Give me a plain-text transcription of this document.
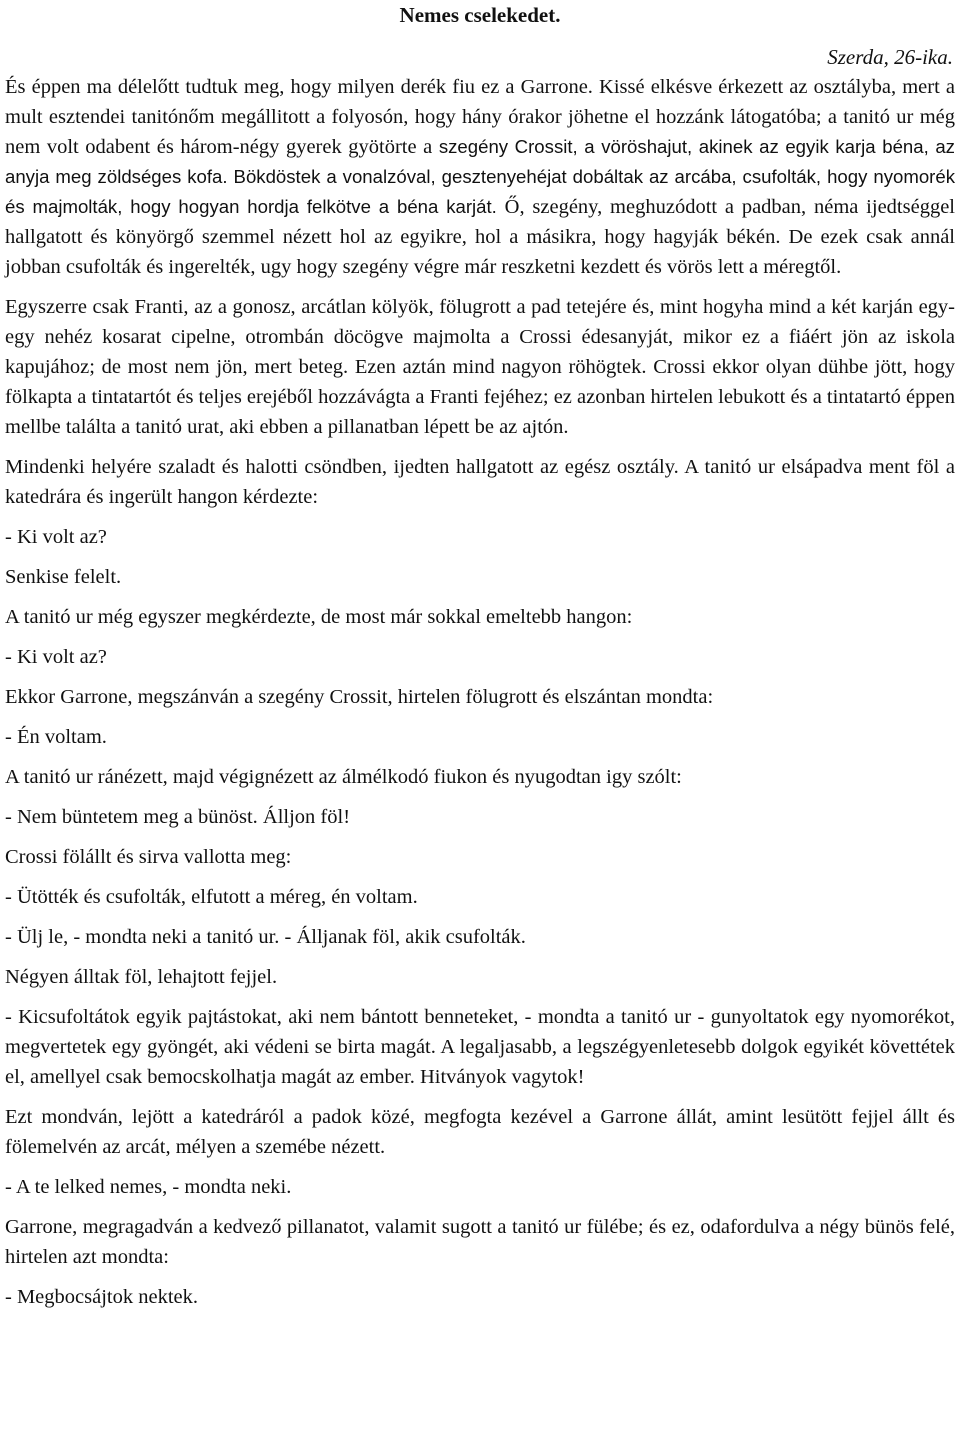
Nemes cselekedet.
Szerda, 26-ika.

És éppen ma délelőtt tudtuk meg, hogy milyen derék fiu ez a Garrone. Kissé elkésve érkezett az osztályba, mert a mult esztendei tanitónőm megállitott a folyosón, hogy hány órakor jöhetne el hozzánk látogatóba; a tanitó ur még nem volt odabent és három-négy gyerek gyötörte a szegény Crossit, a vöröshajut, akinek az egyik karja béna, az anyja meg zöldséges kofa. Bökdöstek a vonalzóval, gesztenyehéjat dobáltak az arcába, csufolták, hogy nyomorék és majmolták, hogy hogyan hordja felkötve a béna karját. Ő, szegény, meghuzódott a padban, néma ijedtséggel hallgatott és könyörgő szemmel nézett hol az egyikre, hol a másikra, hogy hagyják békén. De ezek csak annál jobban csufolták és ingerelték, ugy hogy szegény végre már reszketni kezdett és vörös lett a méregtől.

Egyszerre csak Franti, az a gonosz, arcátlan kölyök, fölugrott a pad tetejére és, mint hogyha mind a két karján egy-egy nehéz kosarat cipelne, otrombán döcögve majmolta a Crossi édesanyját, mikor ez a fiáért jön az iskola kapujához; de most nem jön, mert beteg. Ezen aztán mind nagyon röhögtek. Crossi ekkor olyan dühbe jött, hogy fölkapta a tintatartót és teljes erejéből hozzávágta a Franti fejéhez; ez azonban hirtelen lebukott és a tintatartó éppen mellbe találta a tanitó urat, aki ebben a pillanatban lépett be az ajtón.

Mindenki helyére szaladt és halotti csöndben, ijedten hallgatott az egész osztály. A tanitó ur elsápadva ment föl a katedrára és ingerült hangon kérdezte:

- Ki volt az?

Senkise felelt.

A tanitó ur még egyszer megkérdezte, de most már sokkal emeltebb hangon:

- Ki volt az?

Ekkor Garrone, megszánván a szegény Crossit, hirtelen fölugrott és elszántan mondta:

- Én voltam.

A tanitó ur ránézett, majd végignézett az álmélkodó fiukon és nyugodtan igy szólt:

- Nem büntetem meg a bünöst. Álljon föl!

Crossi fölállt és sirva vallotta meg:

- Ütötték és csufolták, elfutott a méreg, én voltam.

- Ülj le, - mondta neki a tanitó ur. - Álljanak föl, akik csufolták.

Négyen álltak föl, lehajtott fejjel.

- Kicsufoltátok egyik pajtástokat, aki nem bántott benneteket, - mondta a tanitó ur - gunyoltatok egy nyomorékot, megvertetek egy gyöngét, aki védeni se birta magát. A legaljasabb, a legszégyenletesebb dolgok egyikét követtétek el, amellyel csak bemocskolhatja magát az ember. Hitványok vagytok!

Ezt mondván, lejött a katedráról a padok közé, megfogta kezével a Garrone állát, amint lesütött fejjel állt és fölemelvén az arcát, mélyen a szemébe nézett.

- A te lelked nemes, - mondta neki.

Garrone, megragadván a kedvező pillanatot, valamit sugott a tanitó ur fülébe; és ez, odafordulva a négy bünös felé, hirtelen azt mondta:

- Megbocsájtok nektek.
